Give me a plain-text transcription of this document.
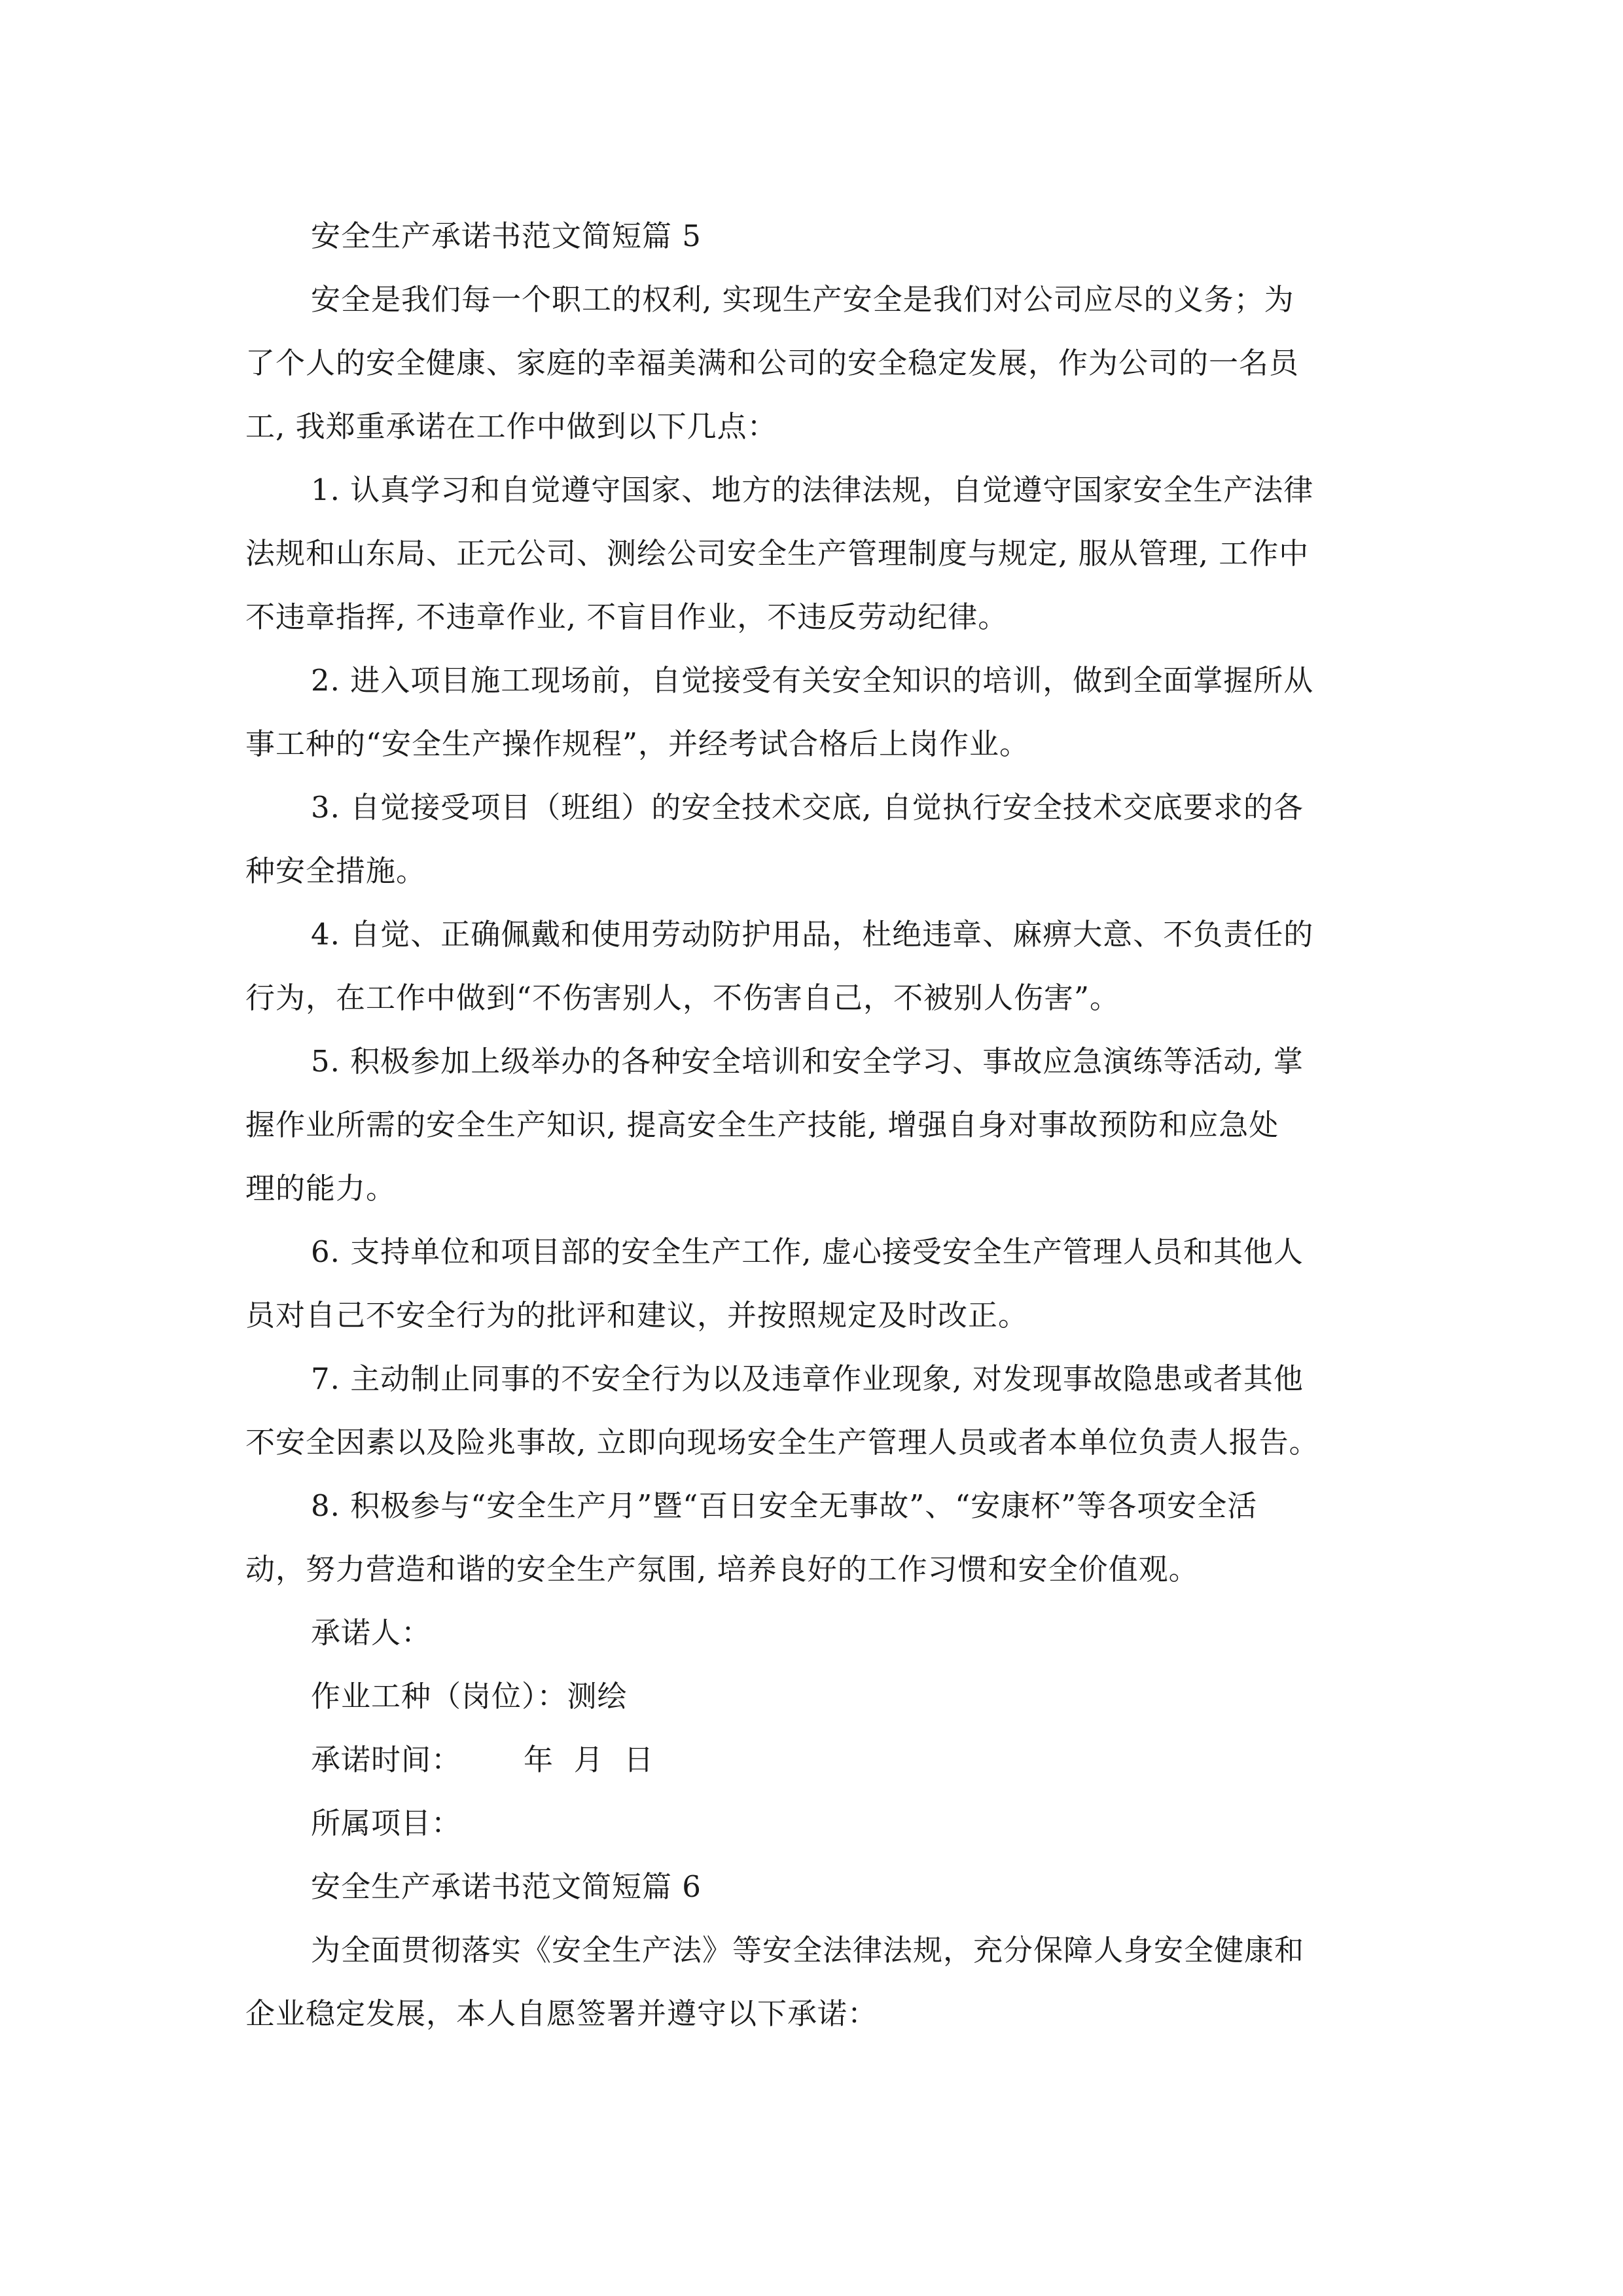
安全生产承诺书范文简短篇 5
安全是我们每一个职工的权利, 实现生产安全是我们对公司应尽的义务；为
了个人的安全健康、家庭的幸福美满和公司的安全稳定发展，作为公司的一名员
工, 我郑重承诺在工作中做到以下几点：
1. 认真学习和自觉遵守国家、地方的法律法规，自觉遵守国家安全生产法律
法规和山东局、正元公司、测绘公司安全生产管理制度与规定, 服从管理, 工作中
不违章指挥, 不违章作业, 不盲目作业，不违反劳动纪律。
2. 进入项目施工现场前，自觉接受有关安全知识的培训，做到全面掌握所从
事工种的“安全生产操作规程”，并经考试合格后上岗作业。
3. 自觉接受项目（班组）的安全技术交底, 自觉执行安全技术交底要求的各
种安全措施。
4. 自觉、正确佩戴和使用劳动防护用品，杜绝违章、麻痹大意、不负责任的
行为，在工作中做到“不伤害别人，不伤害自己，不被别人伤害”。
5. 积极参加上级举办的各种安全培训和安全学习、事故应急演练等活动, 掌
握作业所需的安全生产知识, 提高安全生产技能, 增强自身对事故预防和应急处
理的能力。
6. 支持单位和项目部的安全生产工作, 虚心接受安全生产管理人员和其他人
员对自己不安全行为的批评和建议，并按照规定及时改正。
7. 主动制止同事的不安全行为以及违章作业现象, 对发现事故隐患或者其他
不安全因素以及险兆事故, 立即向现场安全生产管理人员或者本单位负责人报告。
8. 积极参与“安全生产月”暨“百日安全无事故”、“安康杯”等各项安全活
动，努力营造和谐的安全生产氛围, 培养良好的工作习惯和安全价值观。
承诺人：
作业工种（岗位）：测绘
承诺时间： 年 月 日
所属项目：
安全生产承诺书范文简短篇 6
为全面贯彻落实《安全生产法》等安全法律法规，充分保障人身安全健康和
企业稳定发展，本人自愿签署并遵守以下承诺：
